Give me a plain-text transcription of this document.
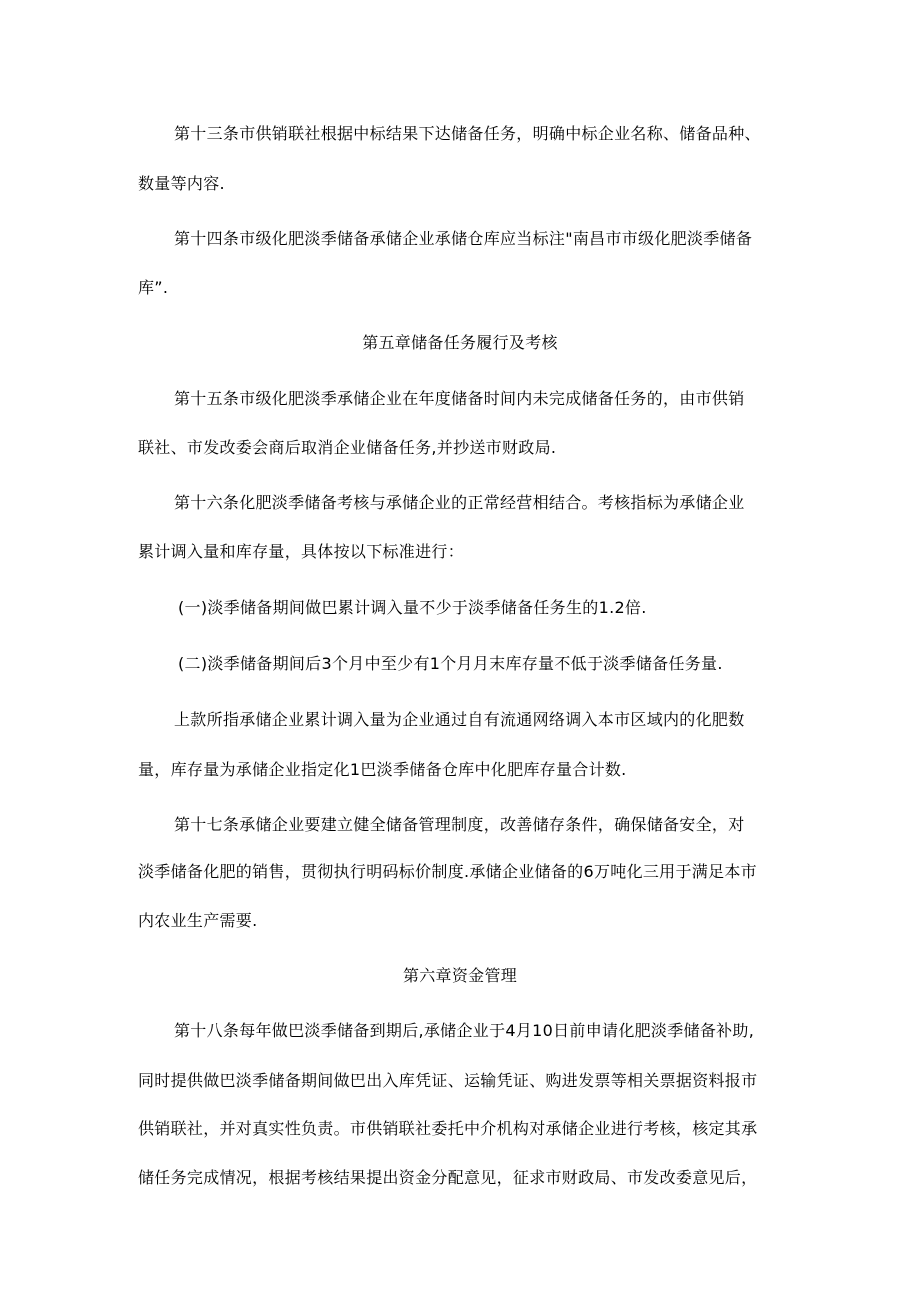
第十三条市供销联社根据中标结果下达储备任务，明确中标企业名称、储备品种、
数量等内容.
第十四条市级化肥淡季储备承储企业承储仓库应当标注"南昌市市级化肥淡季储备
库”.
第五章储备任务履行及考核
第十五条市级化肥淡季承储企业在年度储备时间内未完成储备任务的，由市供销
联社、市发改委会商后取消企业储备任务,并抄送市财政局.
第十六条化肥淡季储备考核与承储企业的正常经营相结合。考核指标为承储企业
累计调入量和库存量，具体按以下标准进行：
(一)淡季储备期间做巴累计调入量不少于淡季储备任务生的1.2倍.
(二)淡季储备期间后3个月中至少有1个月月末库存量不低于淡季储备任务量.
上款所指承储企业累计调入量为企业通过自有流通网络调入本市区域内的化肥数
量，库存量为承储企业指定化1巴淡季储备仓库中化肥库存量合计数.
第十七条承储企业要建立健全储备管理制度，改善储存条件，确保储备安全，对
淡季储备化肥的销售，贯彻执行明码标价制度.承储企业储备的6万吨化三用于满足本市
内农业生产需要.
第六章资金管理
第十八条每年做巴淡季储备到期后,承储企业于4月10日前申请化肥淡季储备补助,
同时提供做巴淡季储备期间做巴出入库凭证、运输凭证、购进发票等相关票据资料报市
供销联社，并对真实性负责。市供销联社委托中介机构对承储企业进行考核，核定其承
储任务完成情况，根据考核结果提出资金分配意见，征求市财政局、市发改委意见后，
